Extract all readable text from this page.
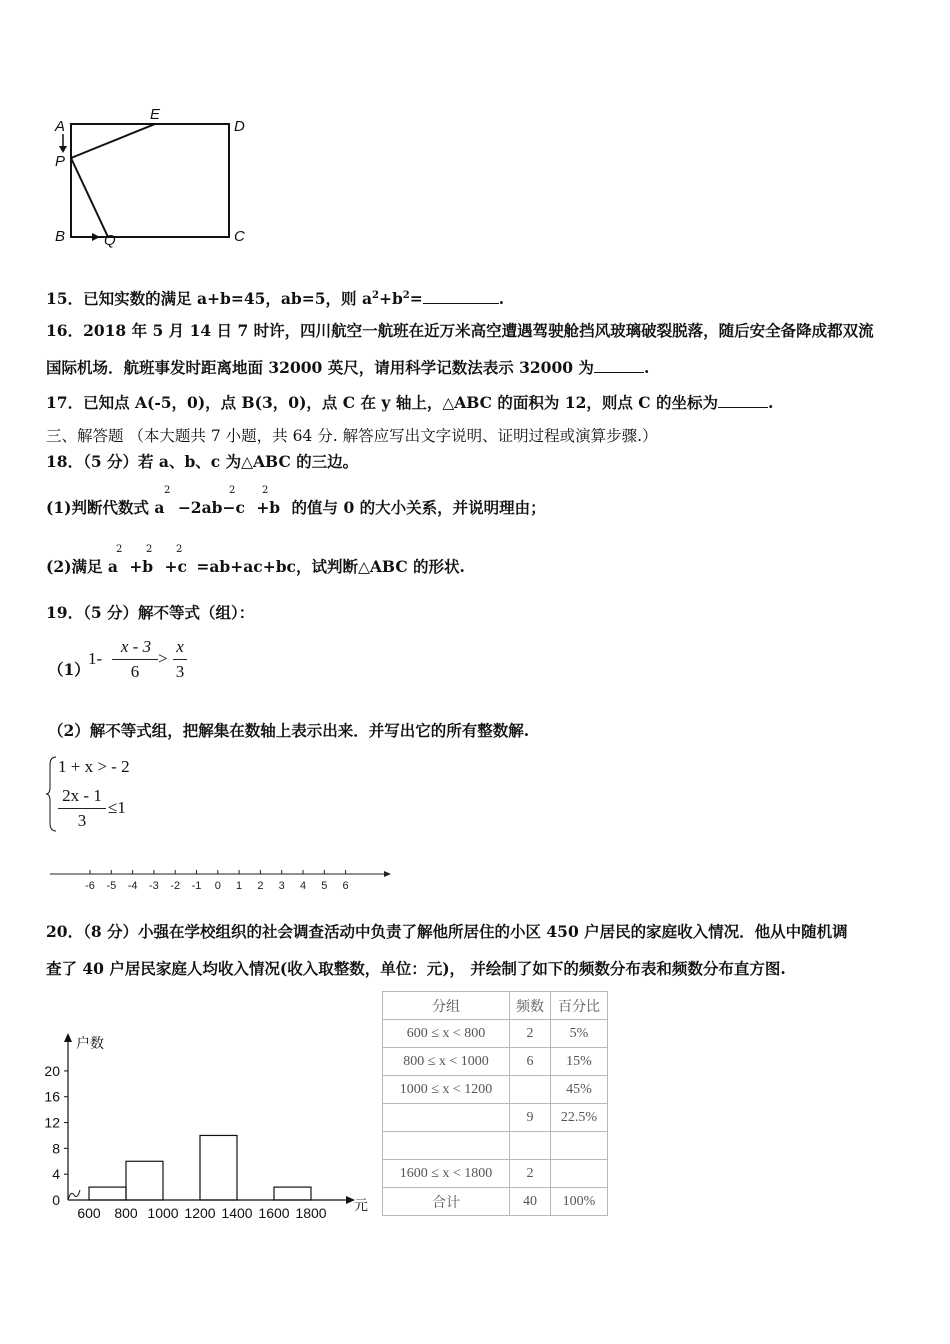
A
E
D
P
B	Q	C
15．已知实数的满足 a+b=45，ab=5，则 $a^2+b^2=$	.
16．2018 年 5 月 14 日 7 时许，四川航空一航班在近万米高空遭遇驾驶舱挡风玻璃破裂脱落，随后安全备降成都双流
国际机场．航班事发时距离地面 32000 英尺，请用科学记数法表示 32000 为	.
17．已知点 A(-5，0)，点 B(3，0)，点 C 在 y 轴上，△ABC 的面积为 12，则点 C 的坐标为	.
三、解答题 （本大题共 7 小题，共 64 分. 解答应写出文字说明、证明过程或演算步骤.）
18．（5 分）若 a、b、c 为△ABC 的三边。
(1)判断代数式 a −2ab−c +b 的值与 0 的大小关系，并说明理由；
2	2	2
(2)满足 a +b +c =ab+ac+bc，试判断△ABC 的形状.
2 2 2
19．（5 分）解不等式（组）：
（1）
1-
x - 3
6
>
x
3
（2）解不等式组，把解集在数轴上表示出来．并写出它的所有整数解.
1 + x > - 2
2x - 1
3
≤1
-6 -5 -4 -3 -2 -1 0 1 2 3 4 5 6
20．（8 分）小强在学校组织的社会调查活动中负责了解他所居住的小区 450 户居民的家庭收入情况．他从中随机调
查了 40 户居民家庭人均收入情况(收入取整数，单位：元)， 并绘制了如下的频数分布表和频数分布直方图.
户数
元
0
4
8
12
16
20
600 800 1000 1200 1400 1600 1800
分组	频数	百分比
600 ≤ x < 800	2	5%
800 ≤ x < 1000	6	15%
1000 ≤ x < 1200		45%
	9	22.5%

1600 ≤ x < 1800	2	
合计	40	100%
